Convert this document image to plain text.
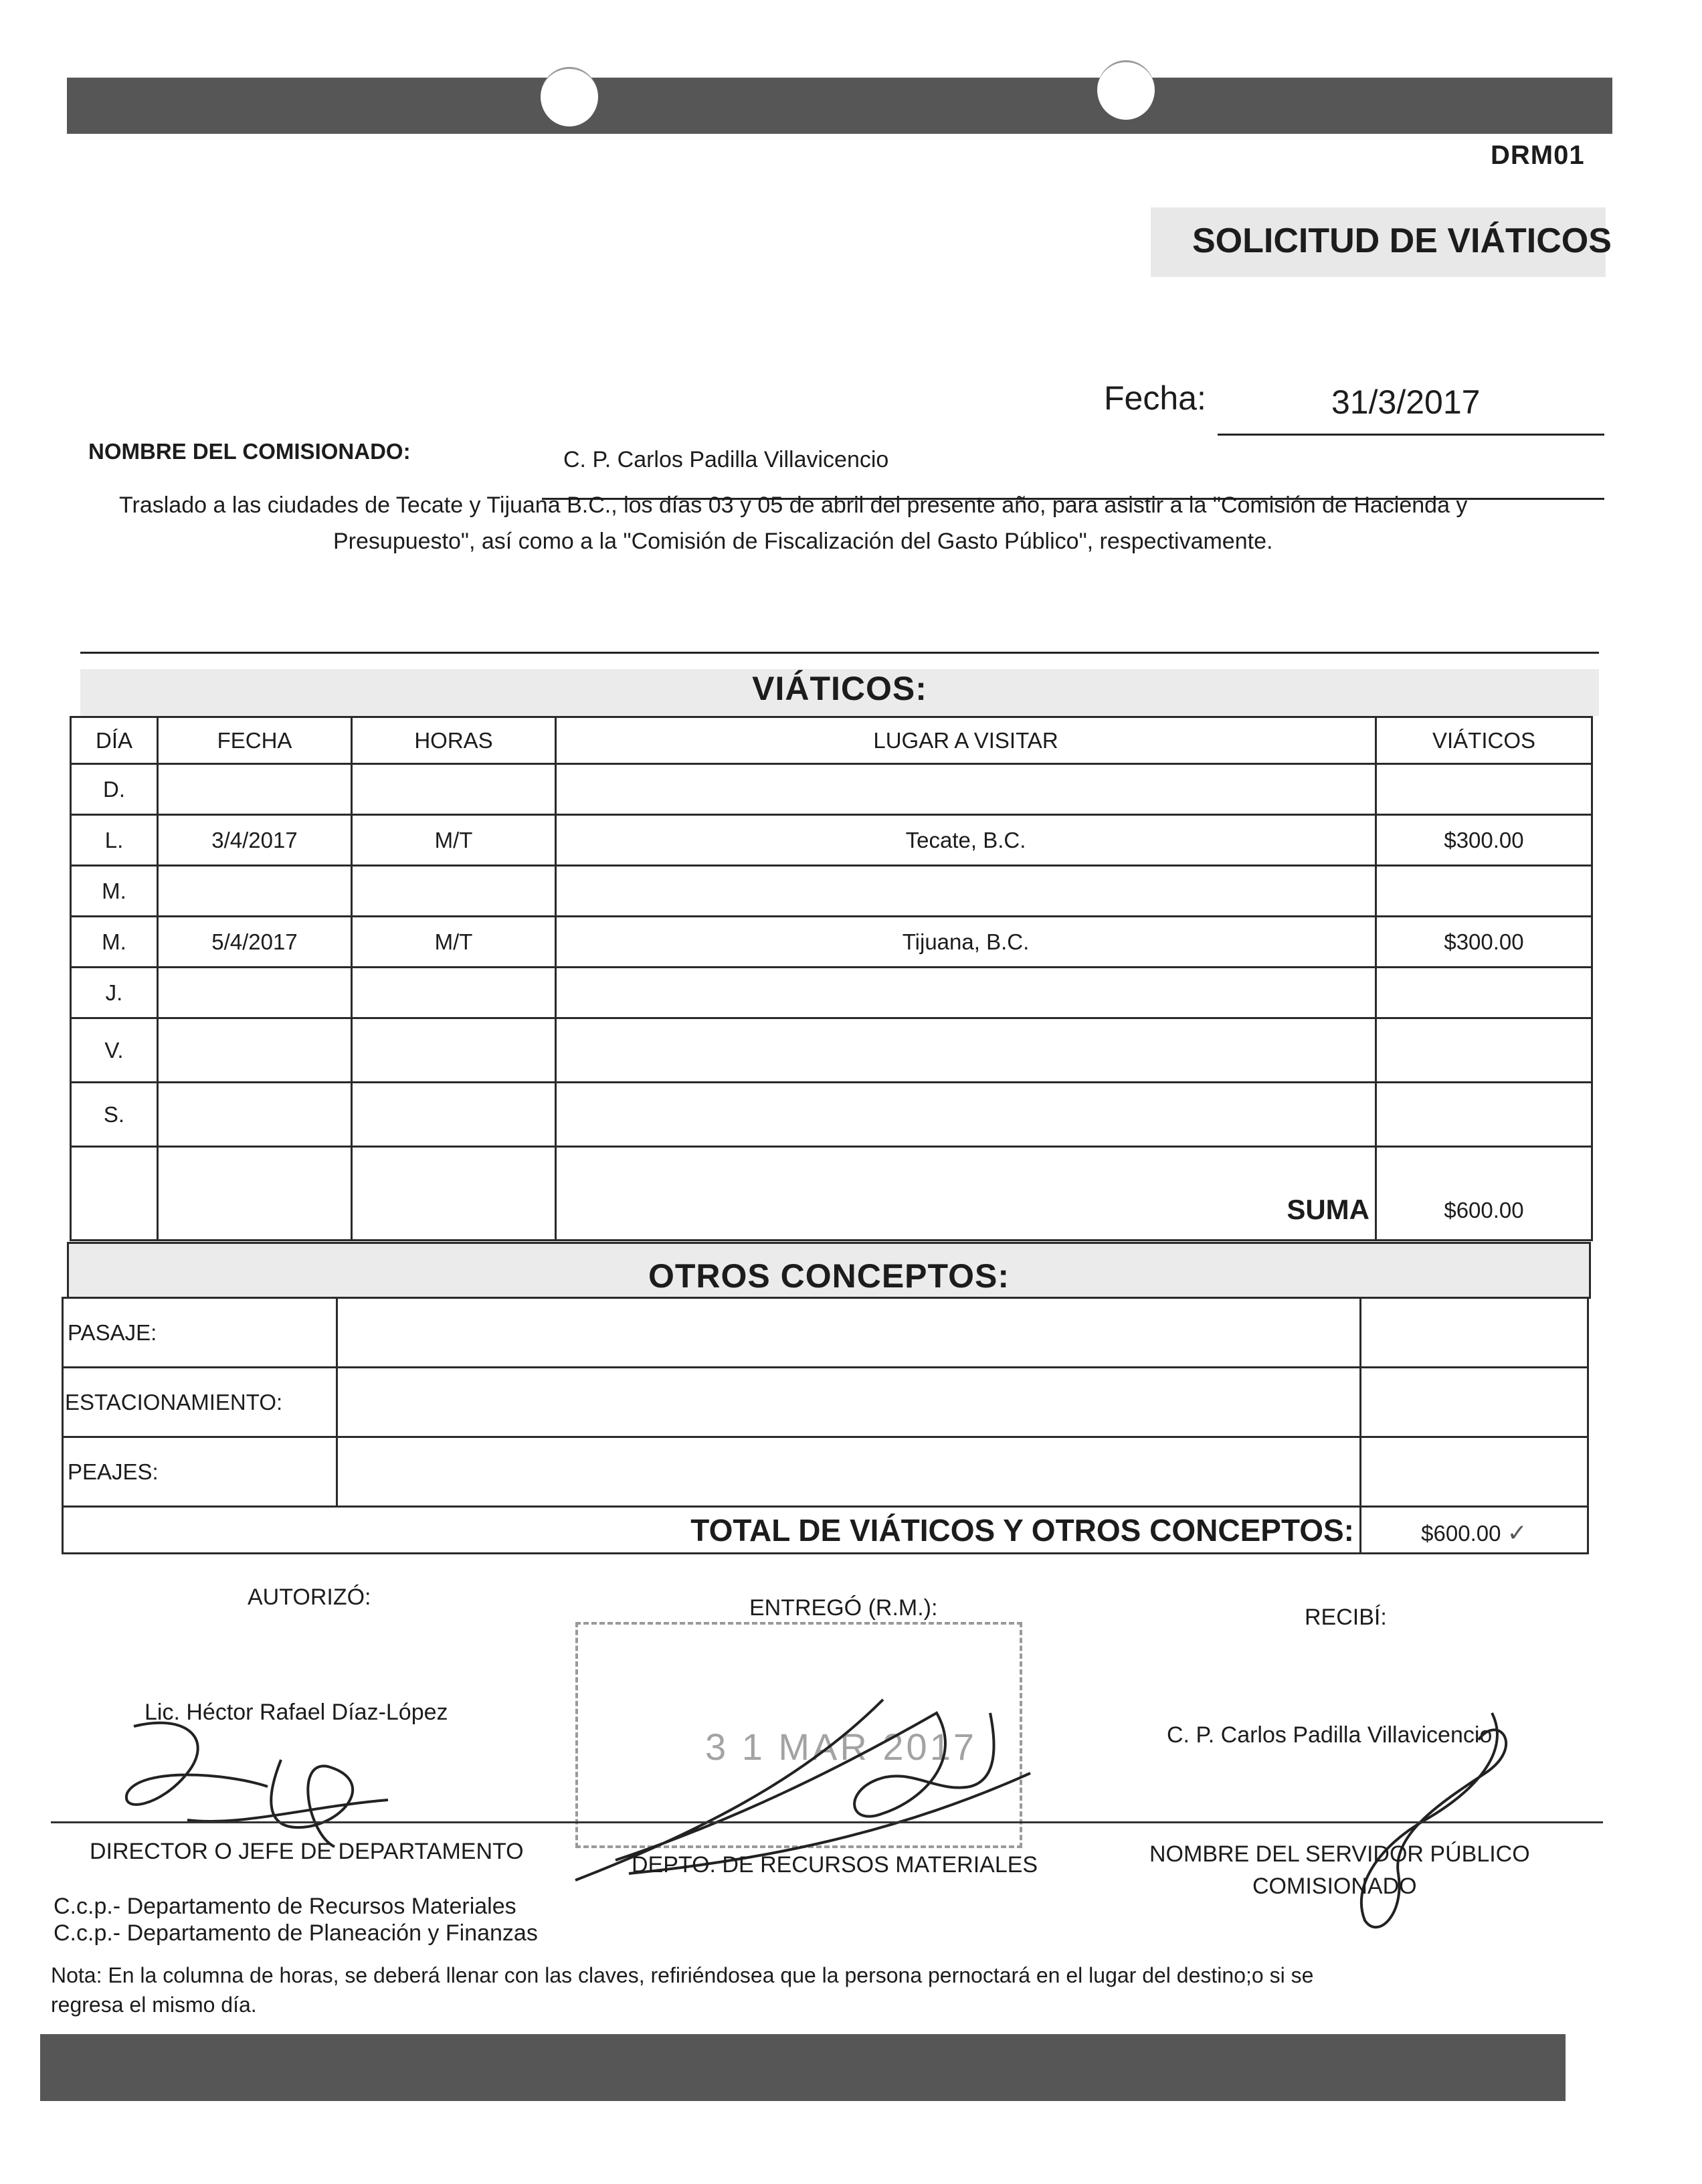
DRM01
SOLICITUD DE VIÁTICOS
Fecha:	31/3/2017
NOMBRE DEL COMISIONADO:	C. P. Carlos Padilla Villavicencio
Traslado a las ciudades de Tecate y Tijuana B.C., los días 03 y 05 de abril del presente año, para asistir a la "Comisión de Hacienda y
Presupuesto", así como a la "Comisión de Fiscalización del Gasto Público", respectivamente.
VIÁTICOS:
DÍA	FECHA	HORAS	LUGAR A VISITAR	VIÁTICOS
D.				
L.	3/4/2017	M/T	Tecate, B.C.	$300.00
M.				
M.	5/4/2017	M/T	Tijuana, B.C.	$300.00
J.				
V.				
S.				
			SUMA	$600.00
OTROS CONCEPTOS:
PASAJE:		
ESTACIONAMIENTO:		
PEAJES:		
TOTAL DE VIÁTICOS Y OTROS CONCEPTOS:		$600.00 ✓
AUTORIZÓ:	ENTREGÓ (R.M.):	RECIBÍ:
3 1 MAR 2017
Lic. Héctor Rafael Díaz-López
C. P. Carlos Padilla Villavicencio
DIRECTOR O JEFE DE DEPARTAMENTO
DEPTO. DE RECURSOS MATERIALES	NOMBRE DEL SERVIDOR PÚBLICO
COMISIONADO
C.c.p.- Departamento de Recursos Materiales
C.c.p.- Departamento de Planeación y Finanzas
Nota: En la columna de horas, se deberá llenar con las claves, refiriéndosea que la persona pernoctará en el lugar del destino;o si se
regresa el mismo día.
